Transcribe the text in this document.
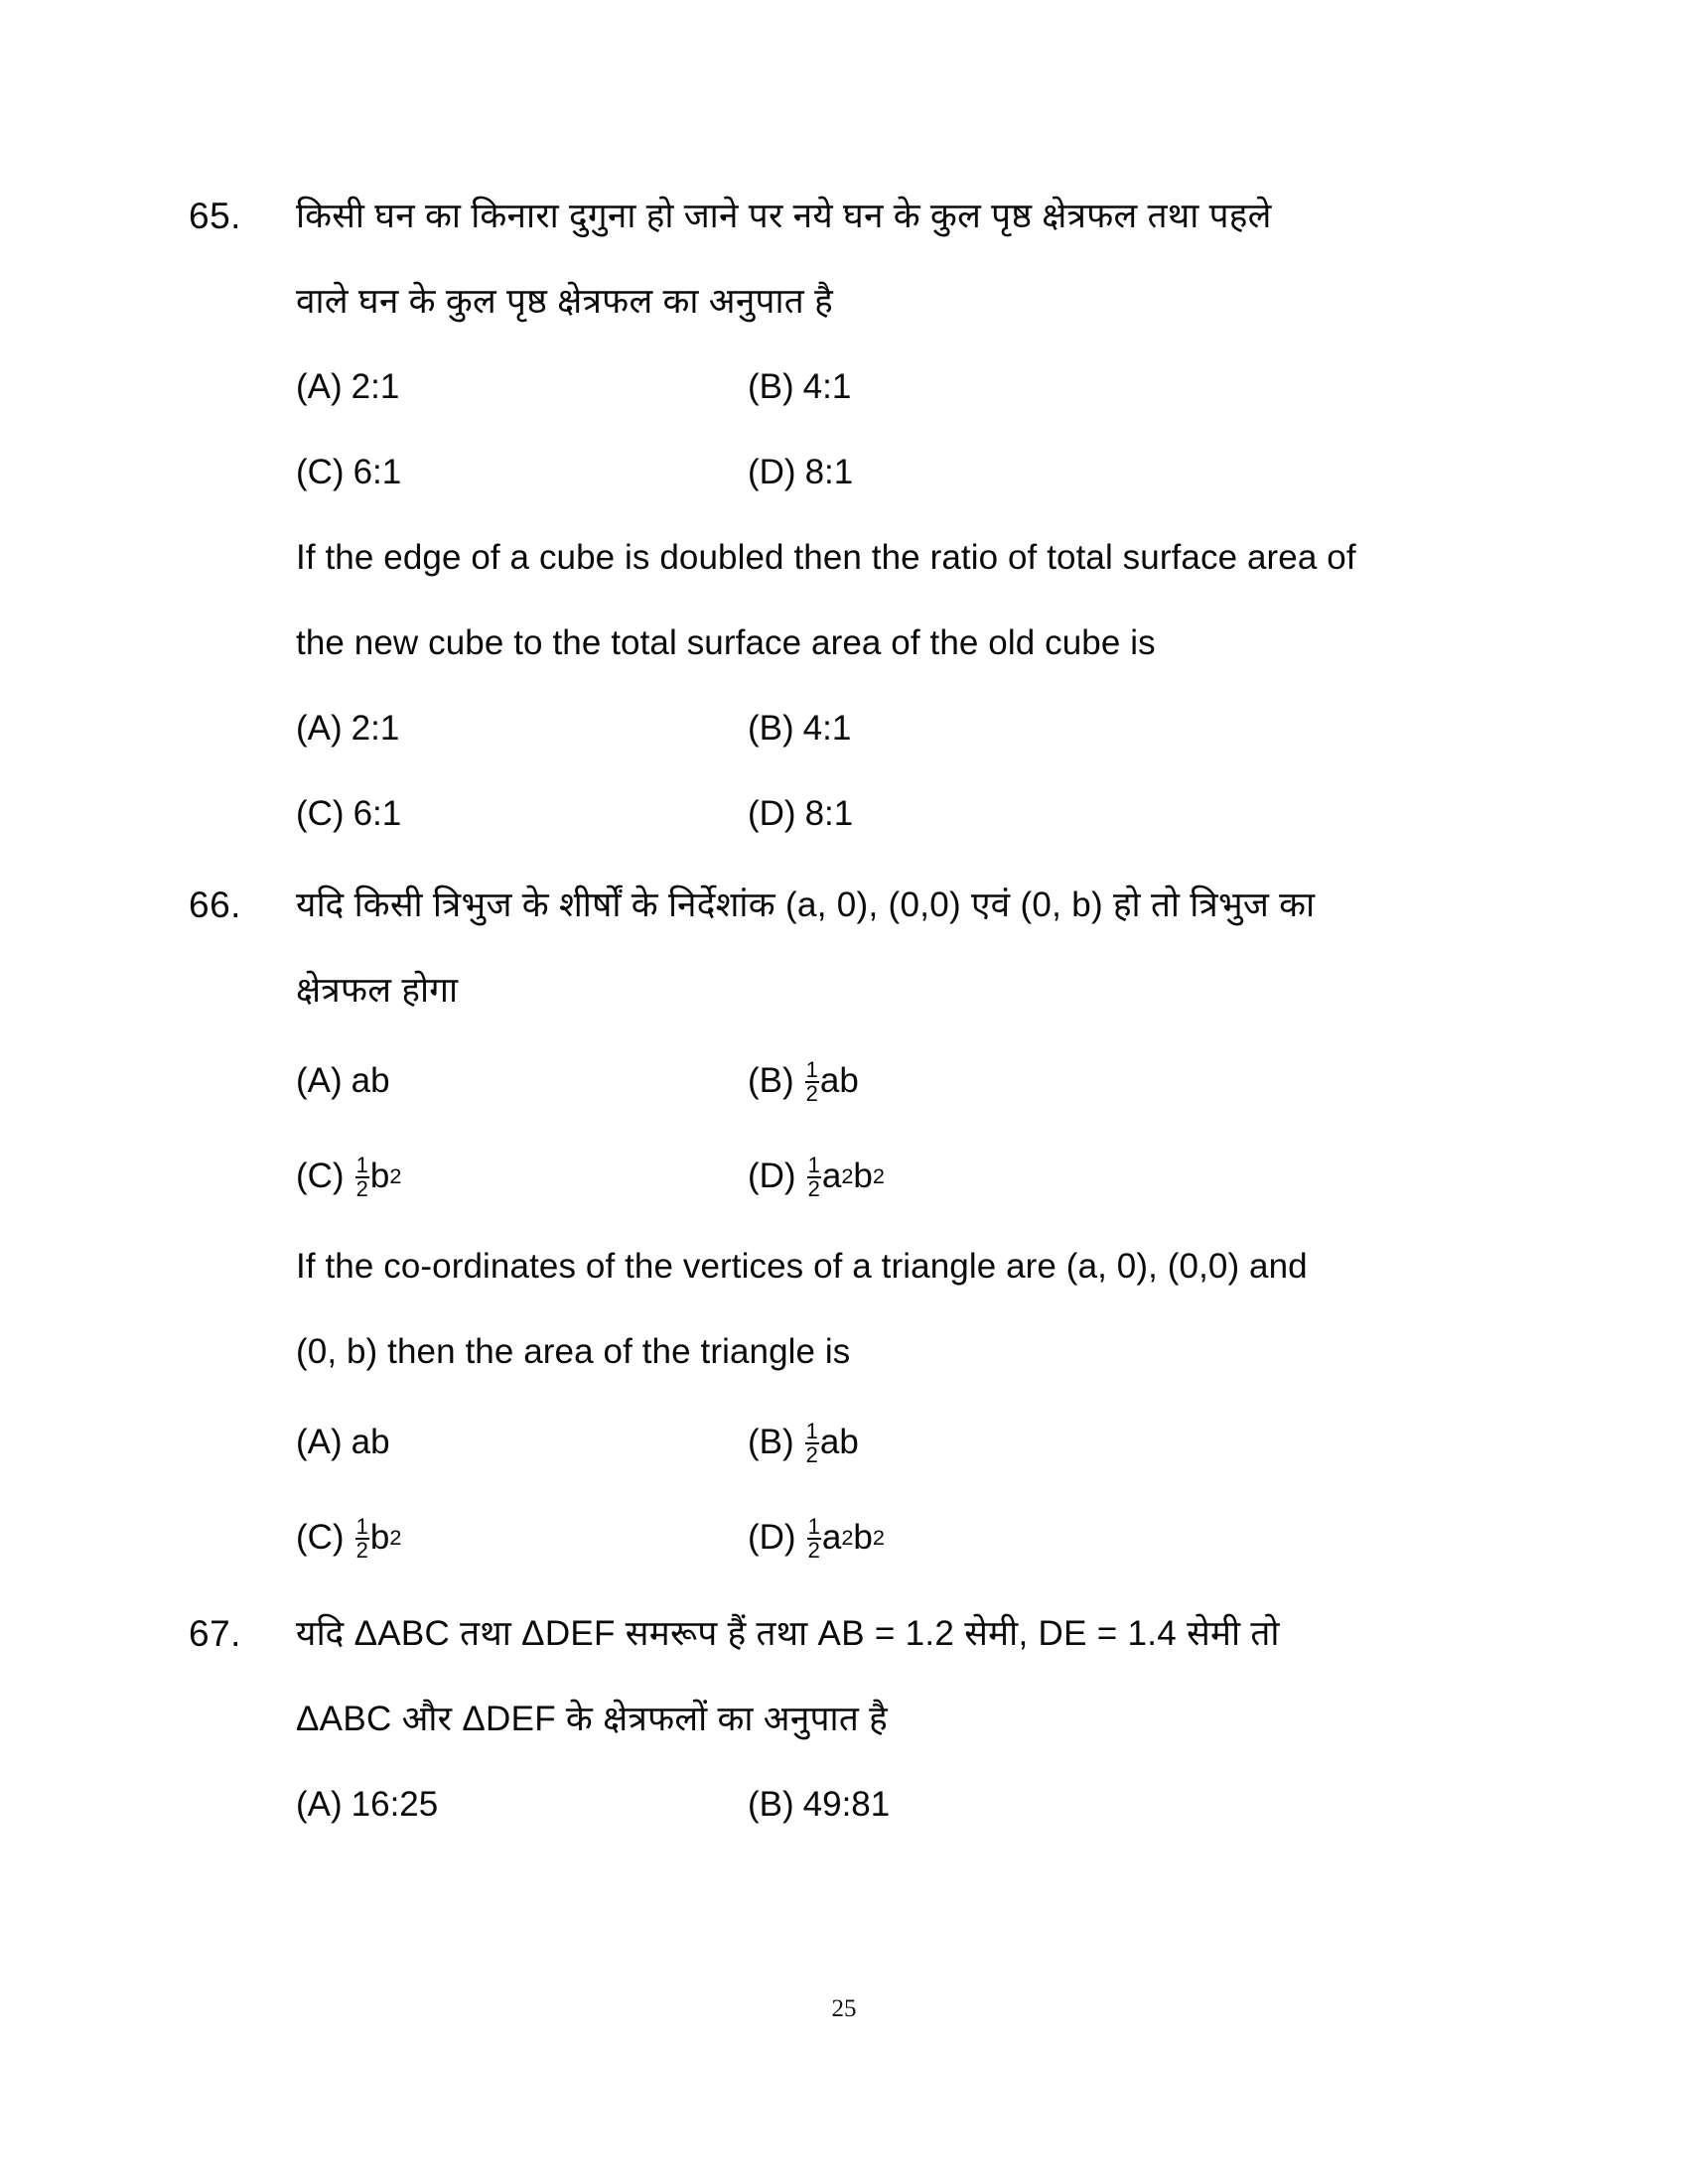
65.	किसी घन का किनारा दुगुना हो जाने पर नये घन के कुल पृष्ठ क्षेत्रफल तथा पहले
वाले घन के कुल पृष्ठ क्षेत्रफल का अनुपात है
(A) 2:1	(B) 4:1
(C) 6:1	(D) 8:1
If the edge of a cube is doubled then the ratio of total surface area of
the new cube to the total surface area of the old cube is
(A) 2:1	(B) 4:1
(C) 6:1	(D) 8:1
66.	यदि किसी त्रिभुज के शीर्षों के निर्देशांक (a, 0), (0,0) एवं (0, b) हो तो त्रिभुज का
क्षेत्रफल होगा
(A) ab	$(B) \frac{1}{2}$ ab
$(C) \frac{1}{2}$ b 2	$(D) \frac{1}{2}$ a 2 b 2
If the co-ordinates of the vertices of a triangle are (a, 0), (0,0) and
(0, b) then the area of the triangle is
(A) ab	$(B) \frac{1}{2}$ ab
$(C) \frac{1}{2}$ b 2	$(D) \frac{1}{2}$ a 2 b 2
67.	यदि ΔABC तथा ΔDEF समरूप हैं तथा AB = 1.2 सेमी, DE = 1.4 सेमी तो
ΔABC और ΔDEF के क्षेत्रफलों का अनुपात है
(A) 16:25	(B) 49:81
25
